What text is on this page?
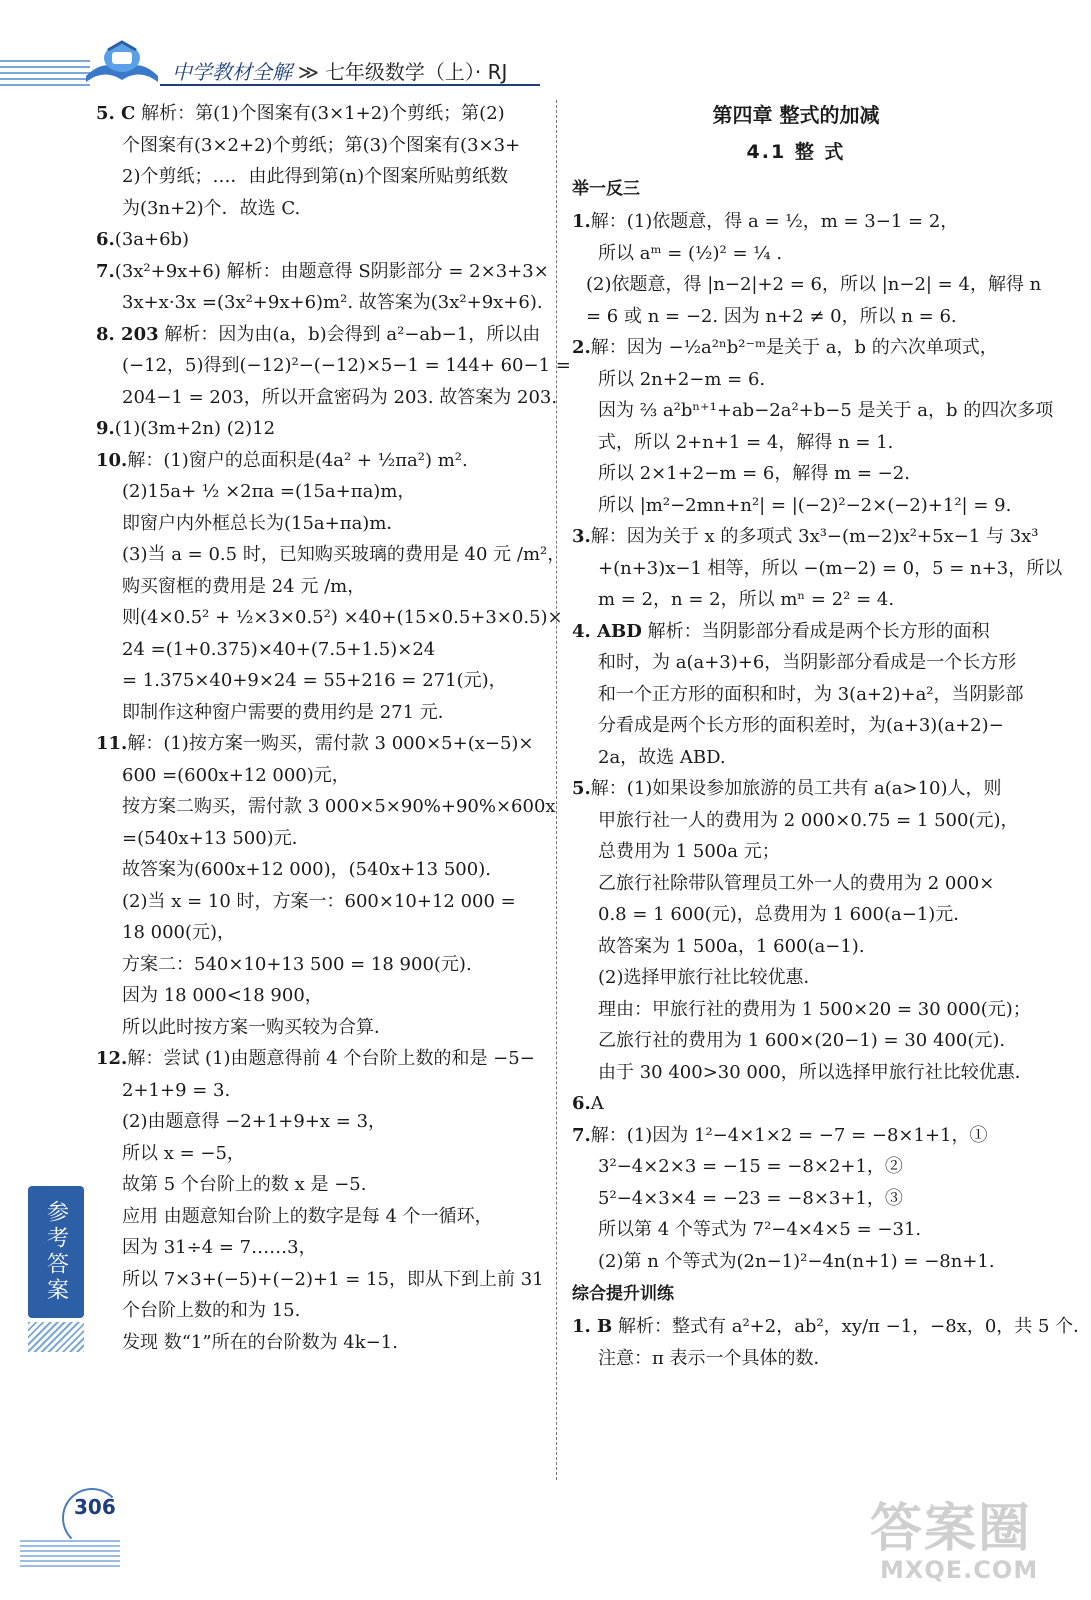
中学教材全解 ≫ 七年级数学（上）· RJ
5. C 解析：第(1)个图案有(3×1+2)个剪纸；第(2)
个图案有(3×2+2)个剪纸；第(3)个图案有(3×3+
2)个剪纸；…．由此得到第(n)个图案所贴剪纸数
为(3n+2)个．故选 C.
6.(3a+6b)
7.(3x²+9x+6) 解析：由题意得 S阴影部分 = 2×3+3×
3x+x·3x =(3x²+9x+6)m². 故答案为(3x²+9x+6).
8. 203 解析：因为由(a，b)会得到 a²−ab−1，所以由
(−12，5)得到(−12)²−(−12)×5−1 = 144+ 60−1 =
204−1 = 203，所以开盒密码为 203. 故答案为 203.
9.(1)(3m+2n) (2)12
10.解：(1)窗户的总面积是(4a² + ½πa²) m².
(2)15a+ ½ ×2πa =(15a+πa)m，
即窗户内外框总长为(15a+πa)m．
(3)当 a = 0.5 时，已知购买玻璃的费用是 40 元 /m²，
购买窗框的费用是 24 元 /m，
则(4×0.5² + ½×3×0.5²) ×40+(15×0.5+3×0.5)×
24 =(1+0.375)×40+(7.5+1.5)×24
= 1.375×40+9×24 = 55+216 = 271(元)，
即制作这种窗户需要的费用约是 271 元．
11.解：(1)按方案一购买，需付款 3 000×5+(x−5)×
600 =(600x+12 000)元，
按方案二购买，需付款 3 000×5×90%+90%×600x
=(540x+13 500)元．
故答案为(600x+12 000)，(540x+13 500).
(2)当 x = 10 时，方案一：600×10+12 000 =
18 000(元)，
方案二：540×10+13 500 = 18 900(元).
因为 18 000<18 900，
所以此时按方案一购买较为合算．
12.解：尝试 (1)由题意得前 4 个台阶上数的和是 −5−
2+1+9 = 3.
(2)由题意得 −2+1+9+x = 3，
所以 x = −5，
故第 5 个台阶上的数 x 是 −5.
应用 由题意知台阶上的数字是每 4 个一循环，
因为 31÷4 = 7……3，
所以 7×3+(−5)+(−2)+1 = 15，即从下到上前 31
个台阶上数的和为 15.
发现 数“1”所在的台阶数为 4k−1.
第四章 整式的加减
4.1 整 式
举一反三
1.解：(1)依题意，得 a = ½，m = 3−1 = 2，
所以 aᵐ = (½)² = ¼ .
(2)依题意，得 |n−2|+2 = 6，所以 |n−2| = 4，解得 n
= 6 或 n = −2. 因为 n+2 ≠ 0，所以 n = 6.
2.解：因为 −½a²ⁿb²⁻ᵐ是关于 a，b 的六次单项式，
所以 2n+2−m = 6.
因为 ⅔ a²bⁿ⁺¹+ab−2a²+b−5 是关于 a，b 的四次多项
式，所以 2+n+1 = 4，解得 n = 1.
所以 2×1+2−m = 6，解得 m = −2.
所以 |m²−2mn+n²| = |(−2)²−2×(−2)+1²| = 9.
3.解：因为关于 x 的多项式 3x³−(m−2)x²+5x−1 与 3x³
+(n+3)x−1 相等，所以 −(m−2) = 0，5 = n+3，所以
m = 2，n = 2，所以 mⁿ = 2² = 4.
4. ABD 解析：当阴影部分看成是两个长方形的面积
和时，为 a(a+3)+6，当阴影部分看成是一个长方形
和一个正方形的面积和时，为 3(a+2)+a²，当阴影部
分看成是两个长方形的面积差时，为(a+3)(a+2)−
2a，故选 ABD.
5.解：(1)如果设参加旅游的员工共有 a(a>10)人，则
甲旅行社一人的费用为 2 000×0.75 = 1 500(元)，
总费用为 1 500a 元；
乙旅行社除带队管理员工外一人的费用为 2 000×
0.8 = 1 600(元)，总费用为 1 600(a−1)元．
故答案为 1 500a，1 600(a−1).
(2)选择甲旅行社比较优惠．
理由：甲旅行社的费用为 1 500×20 = 30 000(元)；
乙旅行社的费用为 1 600×(20−1) = 30 400(元).
由于 30 400>30 000，所以选择甲旅行社比较优惠．
6.A
7.解：(1)因为 1²−4×1×2 = −7 = −8×1+1，①
3²−4×2×3 = −15 = −8×2+1，②
5²−4×3×4 = −23 = −8×3+1，③
所以第 4 个等式为 7²−4×4×5 = −31.
(2)第 n 个等式为(2n−1)²−4n(n+1) = −8n+1.
综合提升训练
1. B 解析：整式有 a²+2，ab²，xy/π −1，−8x，0，共 5 个．
注意：π 表示一个具体的数．
参考答案
306	答案圈
MXQE.COM
